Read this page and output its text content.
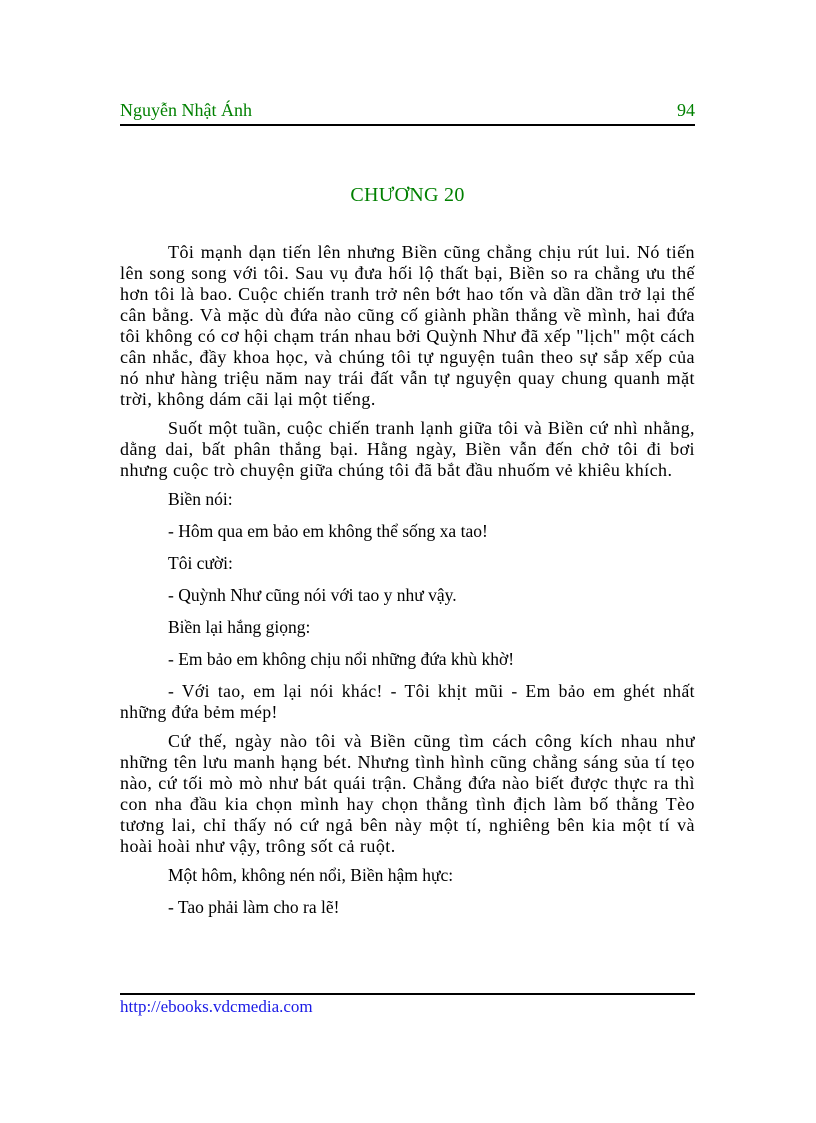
Nguyễn Nhật Ánh	94
CHƯƠNG 20

Tôi mạnh dạn tiến lên nhưng Biền cũng chẳng chịu rút lui. Nó tiến lên song song với tôi. Sau vụ đưa hối lộ thất bại, Biền so ra chẳng ưu thế hơn tôi là bao. Cuộc chiến tranh trở nên bớt hao tốn và dần dần trở lại thế cân bằng. Và mặc dù đứa nào cũng cố giành phần thắng về mình, hai đứa tôi không có cơ hội chạm trán nhau bởi Quỳnh Như đã xếp "lịch" một cách cân nhắc, đầy khoa học, và chúng tôi tự nguyện tuân theo sự sắp xếp của nó như hàng triệu năm nay trái đất vẫn tự nguyện quay chung quanh mặt trời, không dám cãi lại một tiếng.

Suốt một tuần, cuộc chiến tranh lạnh giữa tôi và Biền cứ nhì nhằng, dằng dai, bất phân thắng bại. Hằng ngày, Biền vẫn đến chở tôi đi bơi nhưng cuộc trò chuyện giữa chúng tôi đã bắt đầu nhuốm vẻ khiêu khích.

Biền nói:

- Hôm qua em bảo em không thể sống xa tao!

Tôi cười:

- Quỳnh Như cũng nói với tao y như vậy.

Biền lại hắng giọng:

- Em bảo em không chịu nổi những đứa khù khờ!

- Với tao, em lại nói khác! - Tôi khịt mũi - Em bảo em ghét nhất những đứa bẻm mép!

Cứ thế, ngày nào tôi và Biền cũng tìm cách công kích nhau như những tên lưu manh hạng bét. Nhưng tình hình cũng chẳng sáng sủa tí tẹo nào, cứ tối mò mò như bát quái trận. Chẳng đứa nào biết được thực ra thì con nha đầu kia chọn mình hay chọn thằng tình địch làm bố thằng Tèo tương lai, chỉ thấy nó cứ ngả bên này một tí, nghiêng bên kia một tí và hoài hoài như vậy, trông sốt cả ruột.

Một hôm, không nén nổi, Biền hậm hực:

- Tao phải làm cho ra lẽ!

http://ebooks.vdcmedia.com
